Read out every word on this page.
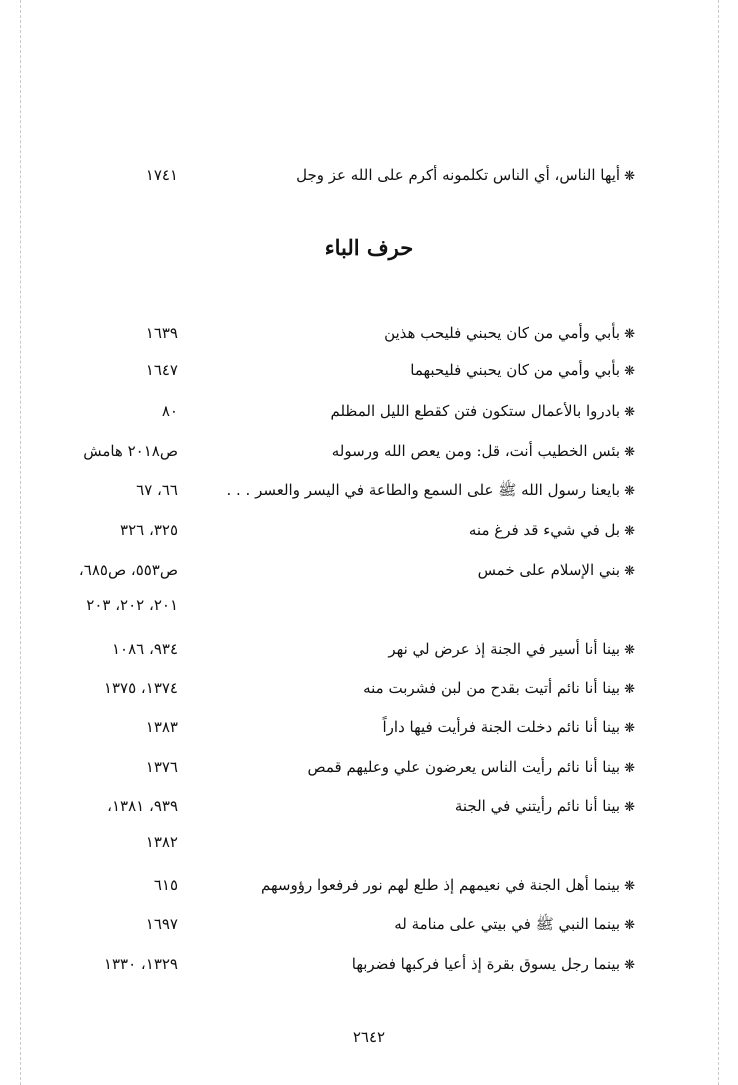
❋أيها الناس، أي الناس تكلمونه أكرم على الله عز وجل
١٧٤١
حرف الباء
❋بأبي وأمي من كان يحبني فليحب هذين
١٦٣٩
❋بأبي وأمي من كان يحبني فليحبهما
١٦٤٧
❋بادروا بالأعمال ستكون فتن كقطع الليل المظلم
٨٠
❋بئس الخطيب أنت، قل: ومن يعص الله ورسوله
ص٢٠١٨ هامش
❋بايعنا رسول الله ﷺ على السمع والطاعة في اليسر والعسر . . .
٦٦، ٦٧
❋بل في شيء قد فرغ منه
٣٢٥، ٣٢٦
❋بني الإسلام على خمس
ص٥٥٣، ص٦٨٥،
٢٠١، ٢٠٢، ٢٠٣
❋بينا أنا أسير في الجنة إذ عرض لي نهر
٩٣٤، ١٠٨٦
❋بينا أنا نائم أتيت بقدح من لبن فشربت منه
١٣٧٤، ١٣٧٥
❋بينا أنا نائم دخلت الجنة فرأيت فيها داراً
١٣٨٣
❋بينا أنا نائم رأيت الناس يعرضون علي وعليهم قمص
١٣٧٦
❋بينا أنا نائم رأيتني في الجنة
٩٣٩، ١٣٨١،
١٣٨٢
❋بينما أهل الجنة في نعيمهم إذ طلع لهم نور فرفعوا رؤوسهم
٦١٥
❋بينما النبي ﷺ في بيتي على منامة له
١٦٩٧
❋بينما رجل يسوق بقرة إذ أعيا فركبها فضربها
١٣٢٩، ١٣٣٠
٢٦٤٢
